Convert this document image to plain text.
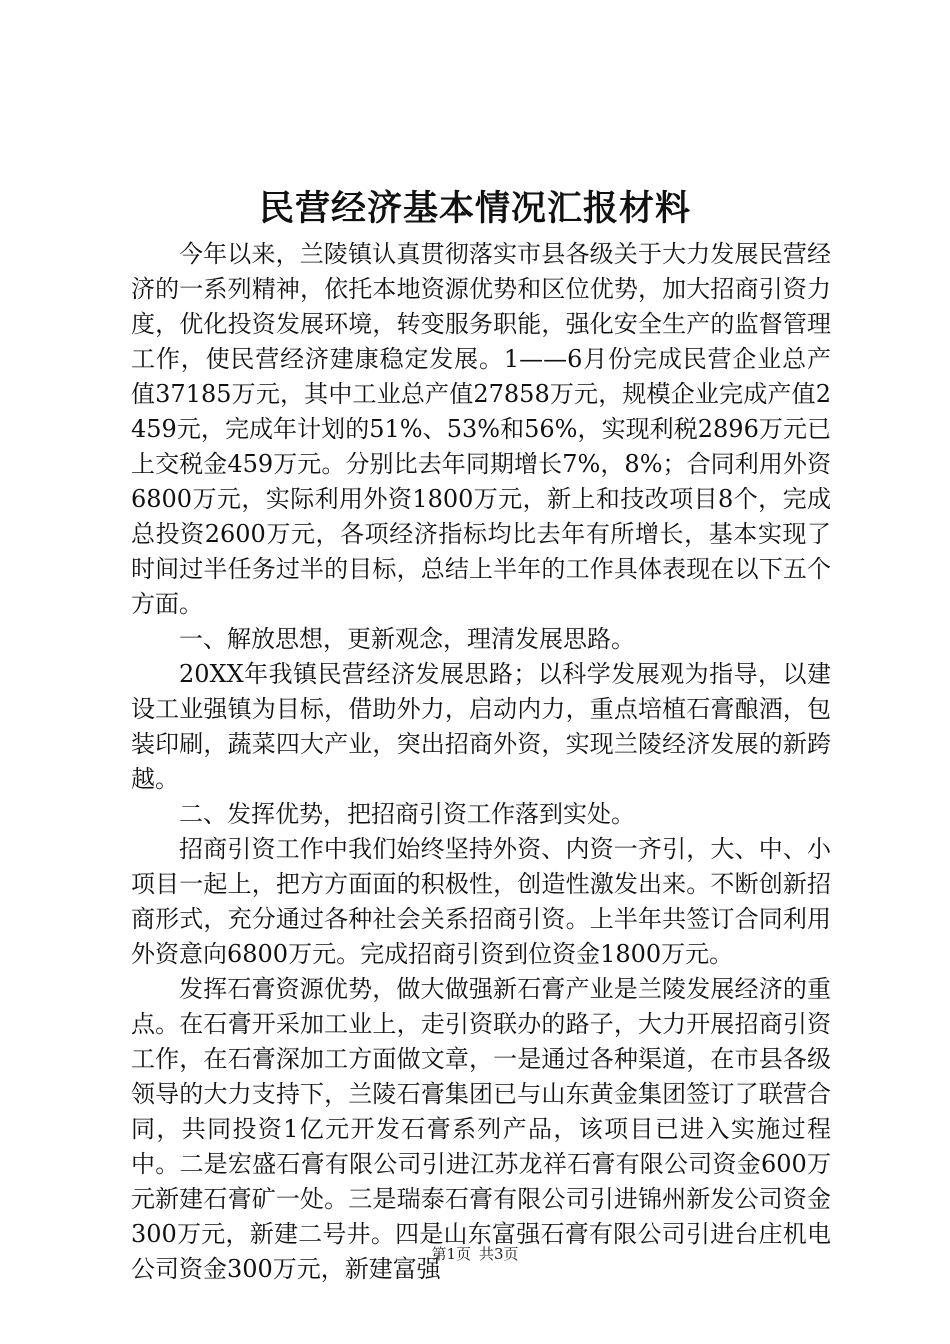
民营经济基本情况汇报材料

今年以来，兰陵镇认真贯彻落实市县各级关于大力发展民营经济的一系列精神，依托本地资源优势和区位优势，加大招商引资力度，优化投资发展环境，转变服务职能，强化安全生产的监督管理工作，使民营经济建康稳定发展。1——6月份完成民营企业总产值37185万元，其中工业总产值27858万元，规模企业完成产值2459元，完成年计划的51%、53%和56%，实现利税2896万元已上交税金459万元。分别比去年同期增长7%，8%；合同利用外资6800万元，实际利用外资1800万元，新上和技改项目8个，完成总投资2600万元，各项经济指标均比去年有所增长，基本实现了时间过半任务过半的目标，总结上半年的工作具体表现在以下五个方面。

一、解放思想，更新观念，理清发展思路。

20XX年我镇民营经济发展思路；以科学发展观为指导，以建设工业强镇为目标，借助外力，启动内力，重点培植石膏酿酒，包装印刷，蔬菜四大产业，突出招商外资，实现兰陵经济发展的新跨越。

二、发挥优势，把招商引资工作落到实处。

招商引资工作中我们始终坚持外资、内资一齐引，大、中、小项目一起上，把方方面面的积极性，创造性激发出来。不断创新招商形式，充分通过各种社会关系招商引资。上半年共签订合同利用外资意向6800万元。完成招商引资到位资金1800万元。

发挥石膏资源优势，做大做强新石膏产业是兰陵发展经济的重点。在石膏开采加工业上，走引资联办的路子，大力开展招商引资工作，在石膏深加工方面做文章，一是通过各种渠道，在市县各级领导的大力支持下，兰陵石膏集团已与山东黄金集团签订了联营合同，共同投资1亿元开发石膏系列产品，该项目已进入实施过程中。二是宏盛石膏有限公司引进江苏龙祥石膏有限公司资金600万元新建石膏矿一处。三是瑞泰石膏有限公司引进锦州新发公司资金300万元，新建二号井。四是山东富强石膏有限公司引进台庄机电公司资金300万元，新建富强

第1页 共3页
